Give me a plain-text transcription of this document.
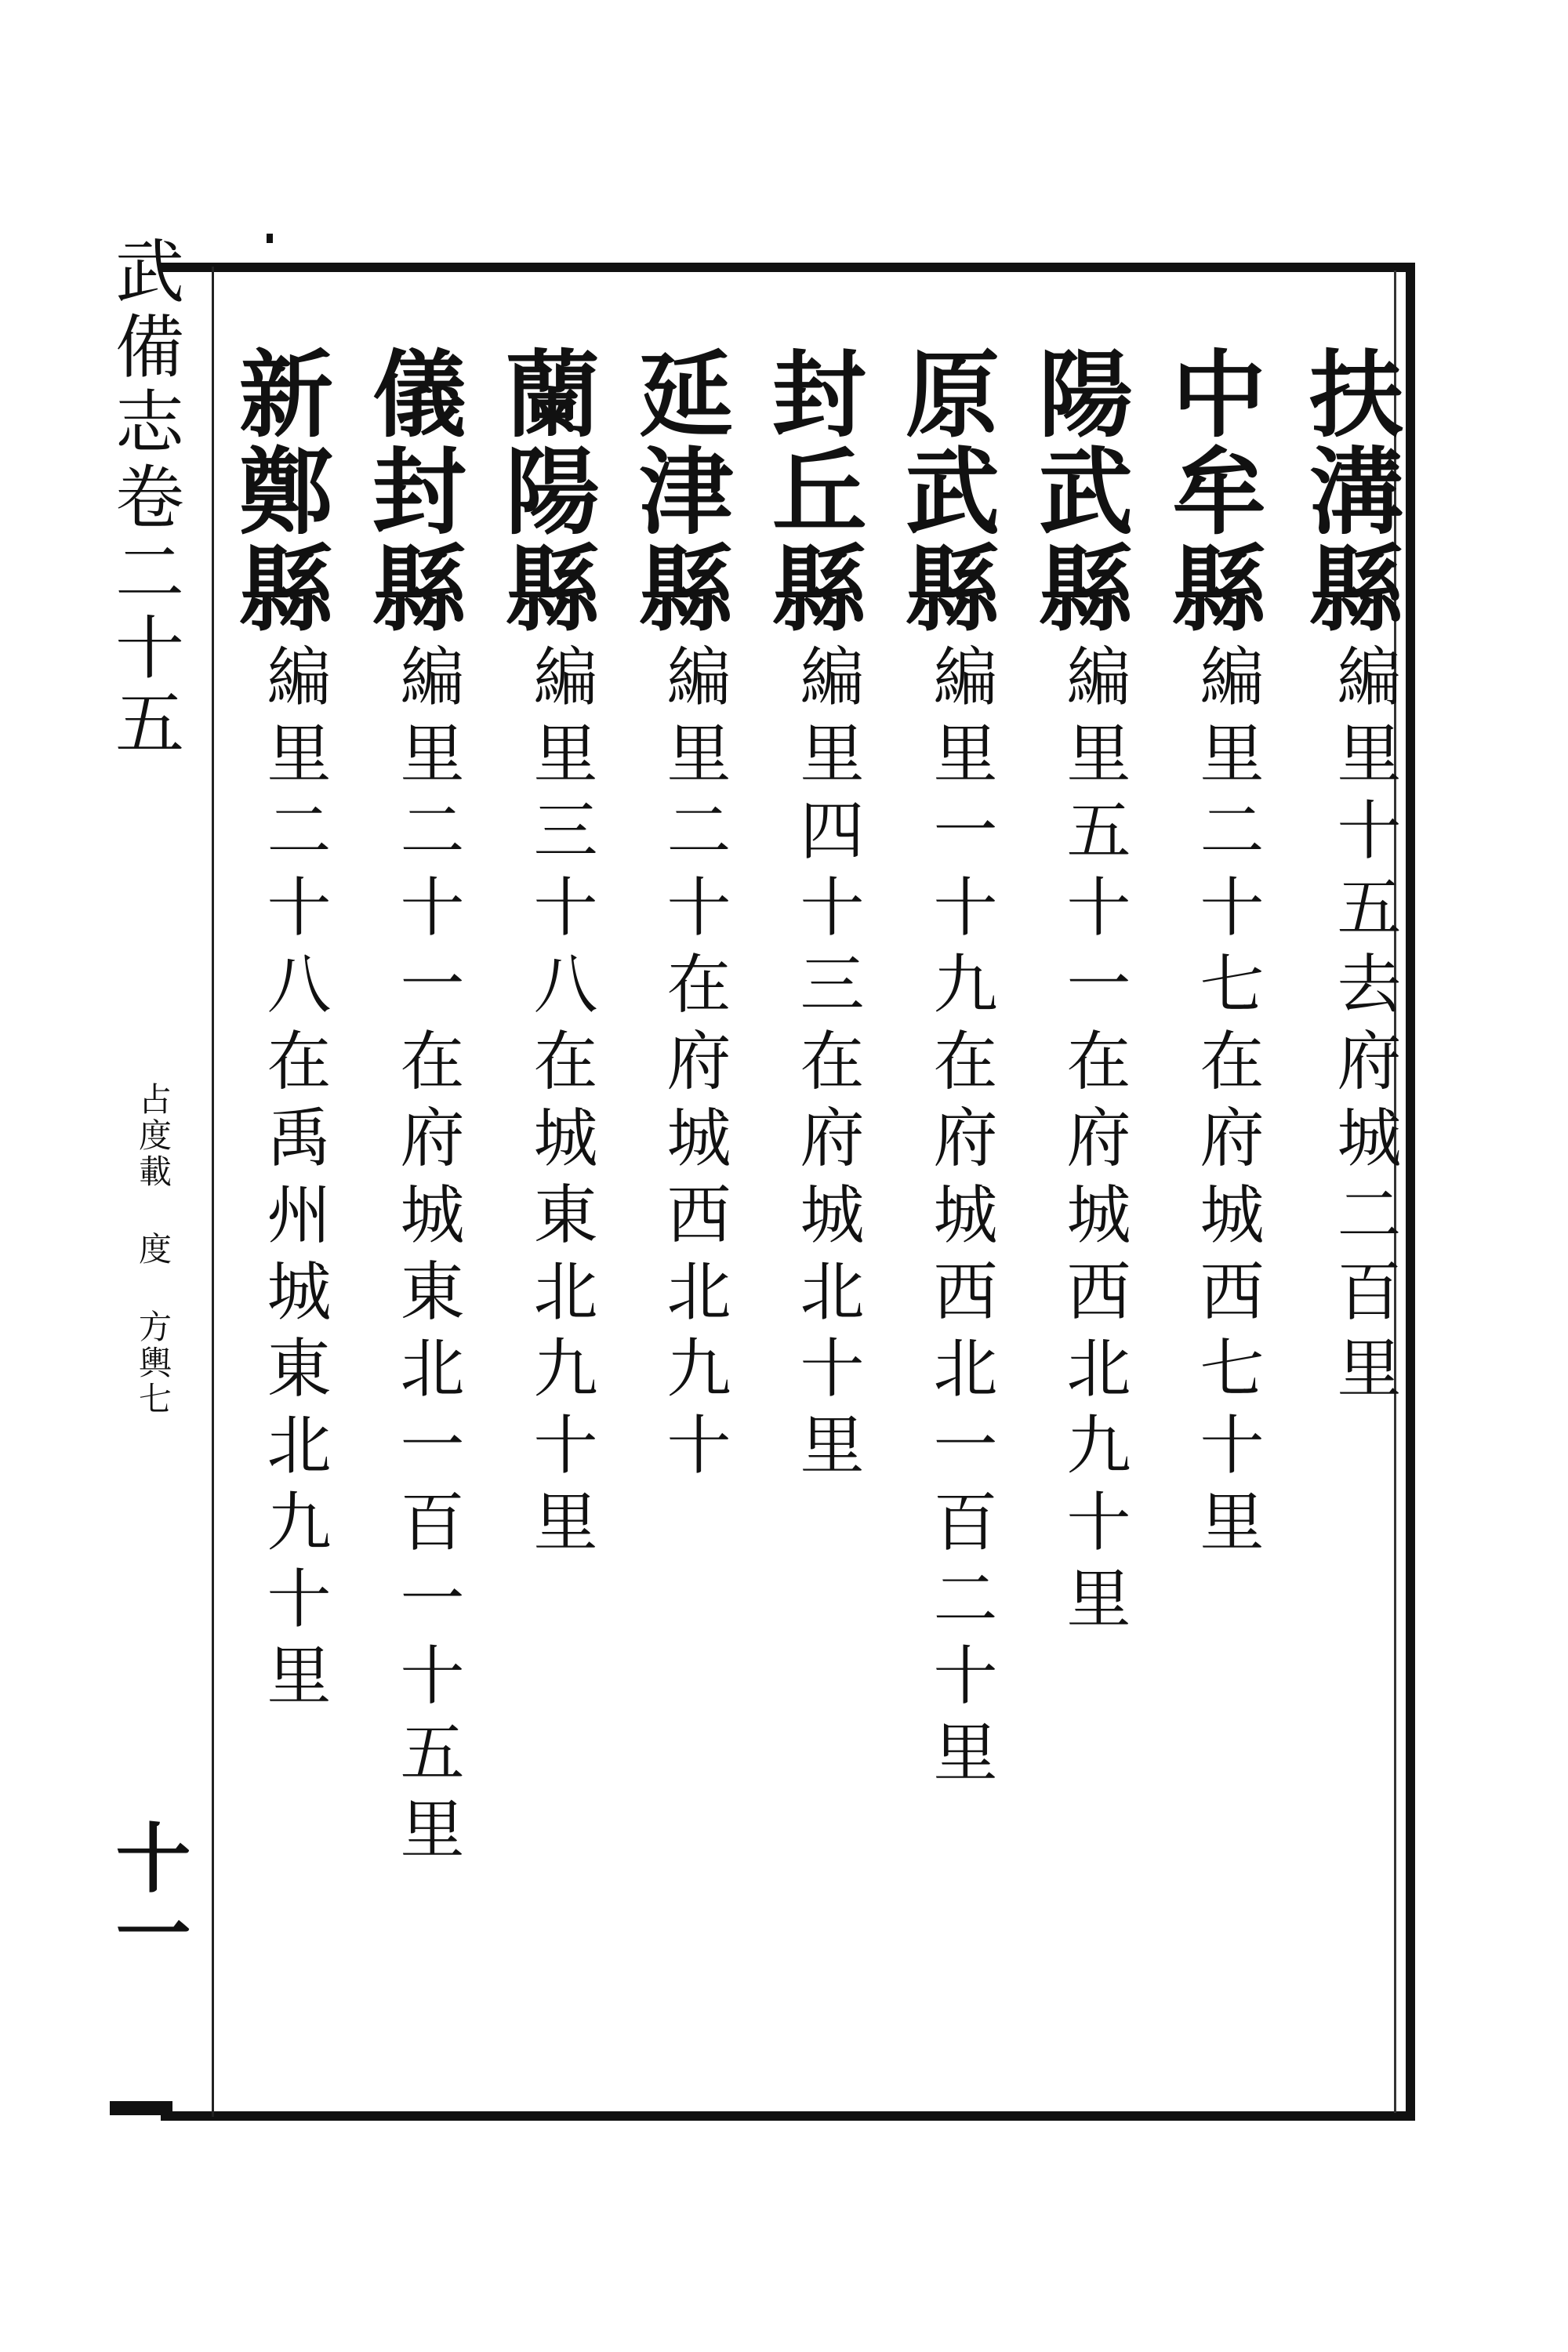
武備志卷二十五
占度載 度 方輿七
十一
扶溝縣
編里十五去府城二百里
中牟縣
編里二十七在府城西七十里
陽武縣
編里五十一在府城西北九十里
原武縣
編里一十九在府城西北一百二十里
封丘縣
編里四十三在府城北十里
延津縣
編里二十在府城西北九十
蘭陽縣
編里三十八在城東北九十里
儀封縣
編里二十一在府城東北一百一十五里
新鄭縣
編里二十八在禹州城東北九十里
